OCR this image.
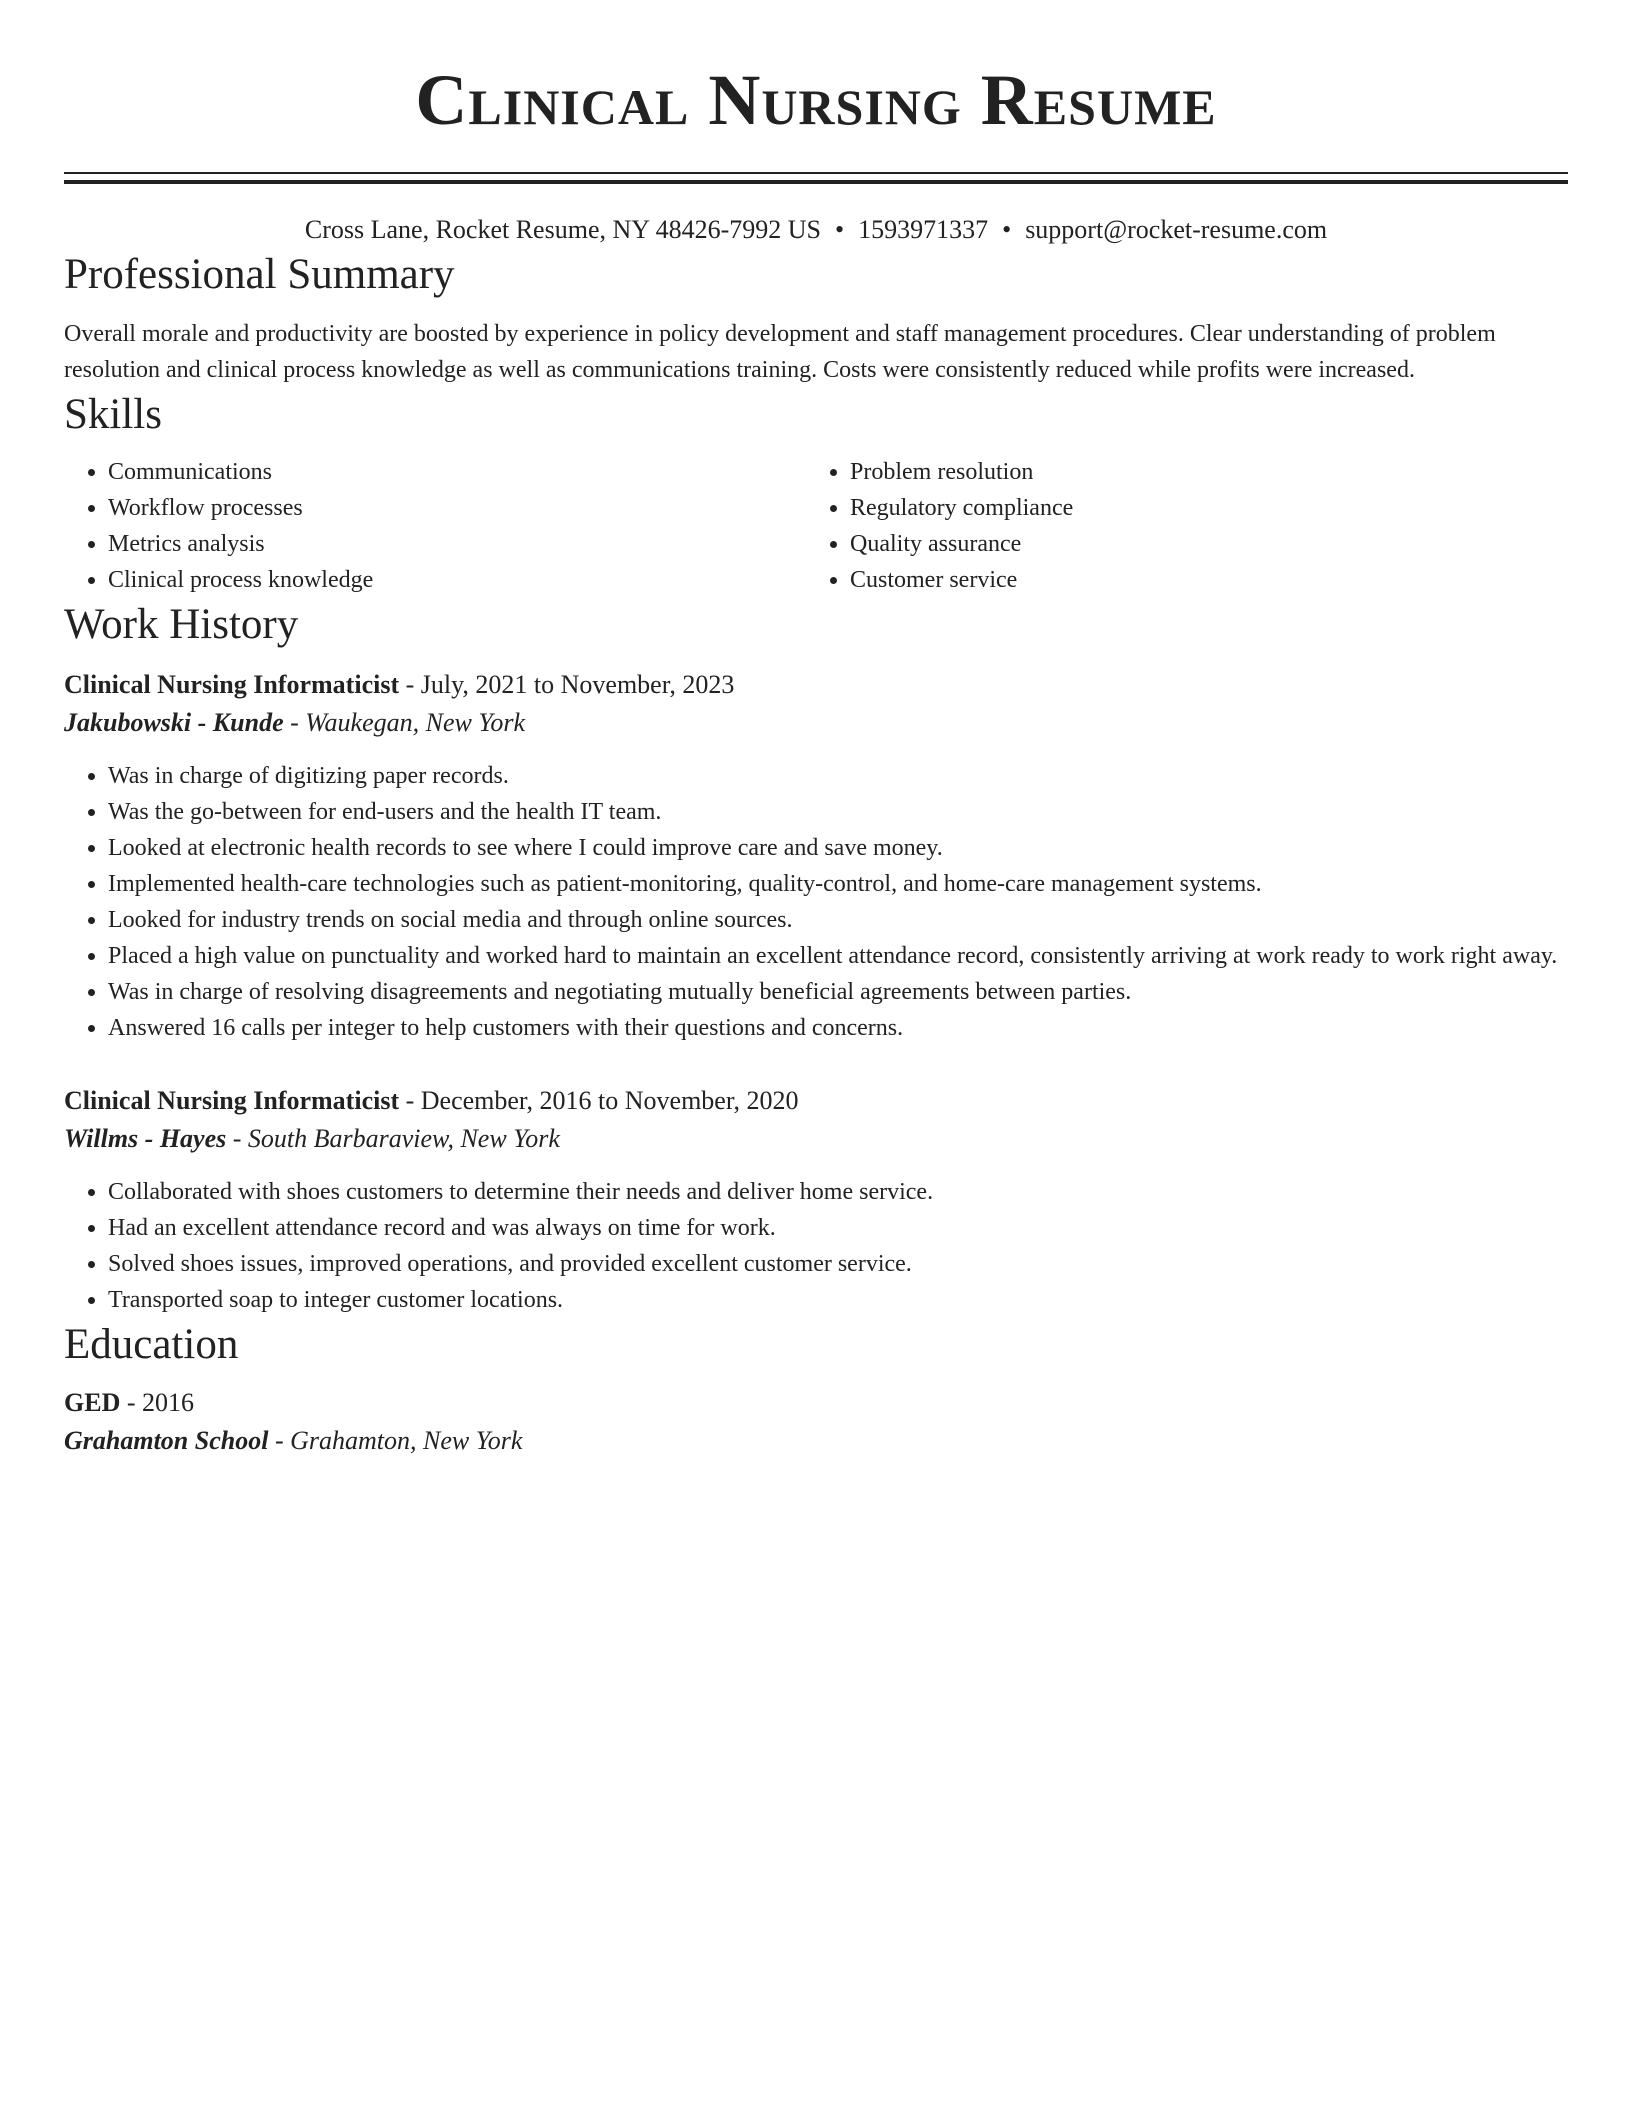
Clinical Nursing Resume
Cross Lane, Rocket Resume, NY 48426-7992 US • 1593971337 • support@rocket-resume.com
Professional Summary
Overall morale and productivity are boosted by experience in policy development and staff management procedures. Clear understanding of problem resolution and clinical process knowledge as well as communications training. Costs were consistently reduced while profits were increased.
Skills
• Communications
• Workflow processes
• Metrics analysis
• Clinical process knowledge
• Problem resolution
• Regulatory compliance
• Quality assurance
• Customer service
Work History
Clinical Nursing Informaticist - July, 2021 to November, 2023
Jakubowski - Kunde - Waukegan, New York
• Was in charge of digitizing paper records.
• Was the go-between for end-users and the health IT team.
• Looked at electronic health records to see where I could improve care and save money.
• Implemented health-care technologies such as patient-monitoring, quality-control, and home-care management systems.
• Looked for industry trends on social media and through online sources.
• Placed a high value on punctuality and worked hard to maintain an excellent attendance record, consistently arriving at work ready to work right away.
• Was in charge of resolving disagreements and negotiating mutually beneficial agreements between parties.
• Answered 16 calls per integer to help customers with their questions and concerns.
Clinical Nursing Informaticist - December, 2016 to November, 2020
Willms - Hayes - South Barbaraview, New York
• Collaborated with shoes customers to determine their needs and deliver home service.
• Had an excellent attendance record and was always on time for work.
• Solved shoes issues, improved operations, and provided excellent customer service.
• Transported soap to integer customer locations.
Education
GED - 2016
Grahamton School - Grahamton, New York
